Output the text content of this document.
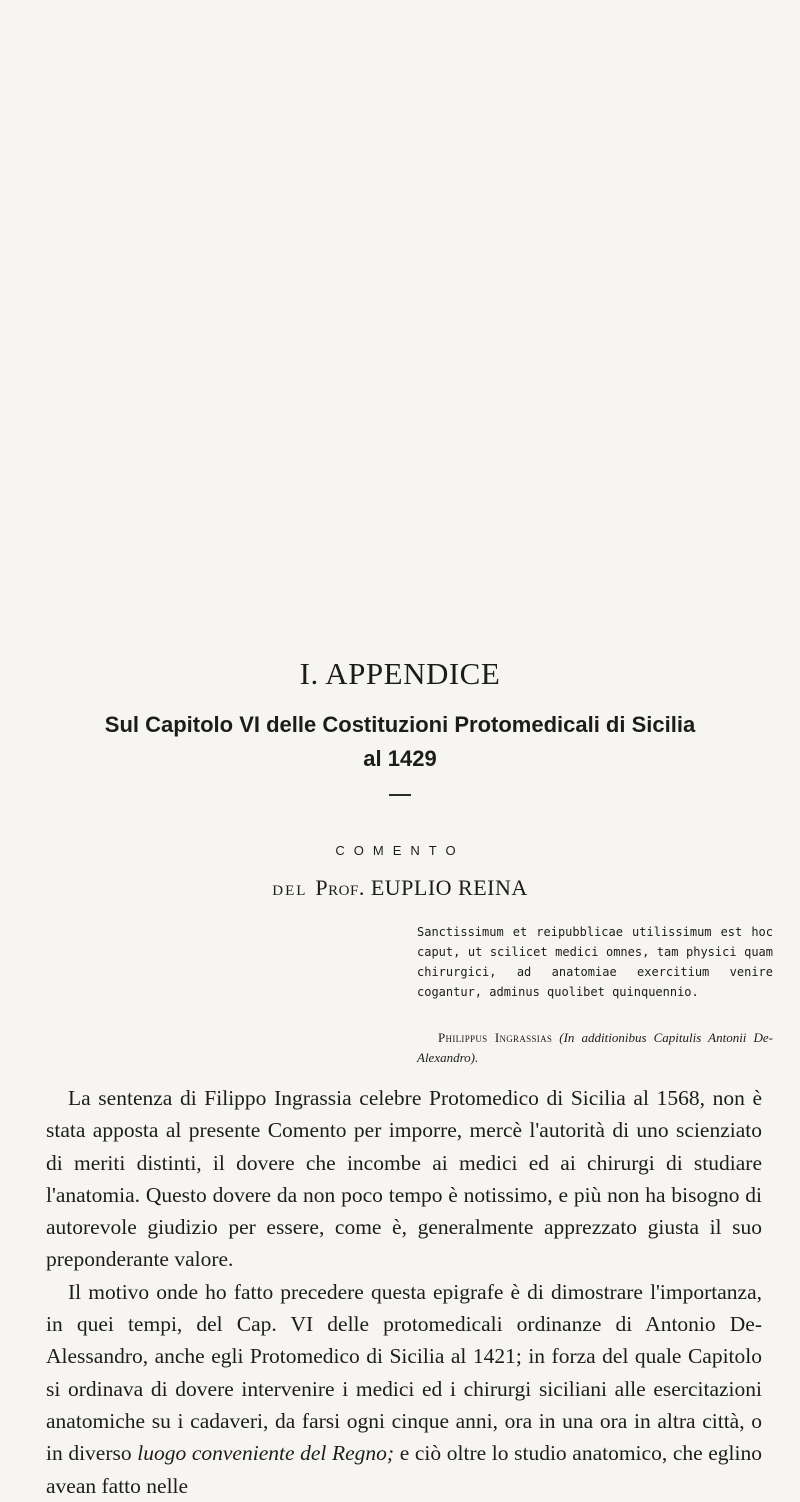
I. APPENDICE
Sul Capitolo VI delle Costituzioni Protomedicali di Sicilia
al 1429
COMENTO
del Prof. EUPLIO REINA
Sanctissimum et reipubblicae utilissimum est hoc caput, ut scilicet medici omnes, tam physici quam chirurgici, ad anatomiae exercitium venire cogantur, adminus quolibet quinquennio.
Philippus Ingrassias (In additionibus Capitulis Antonii De-Alexandro).

La sentenza di Filippo Ingrassia celebre Protomedico di Sicilia al 1568, non è stata apposta al presente Comento per imporre, mercè l'autorità di uno scienziato di meriti distinti, il dovere che incombe ai medici ed ai chirurgi di studiare l'anatomia. Questo dovere da non poco tempo è notissimo, e più non ha bisogno di autorevole giudizio per essere, come è, generalmente apprezzato giusta il suo preponderante valore.

Il motivo onde ho fatto precedere questa epigrafe è di dimostrare l'importanza, in quei tempi, del Cap. VI delle protomedicali ordinanze di Antonio De-Alessandro, anche egli Protomedico di Sicilia al 1421; in forza del quale Capitolo si ordinava di dovere intervenire i medici ed i chirurgi siciliani alle esercitazioni anatomiche su i cadaveri, da farsi ogni cinque anni, ora in una ora in altra città, o in diverso luogo conveniente del Regno; e ciò oltre lo studio anatomico, che eglino avean fatto nelle
